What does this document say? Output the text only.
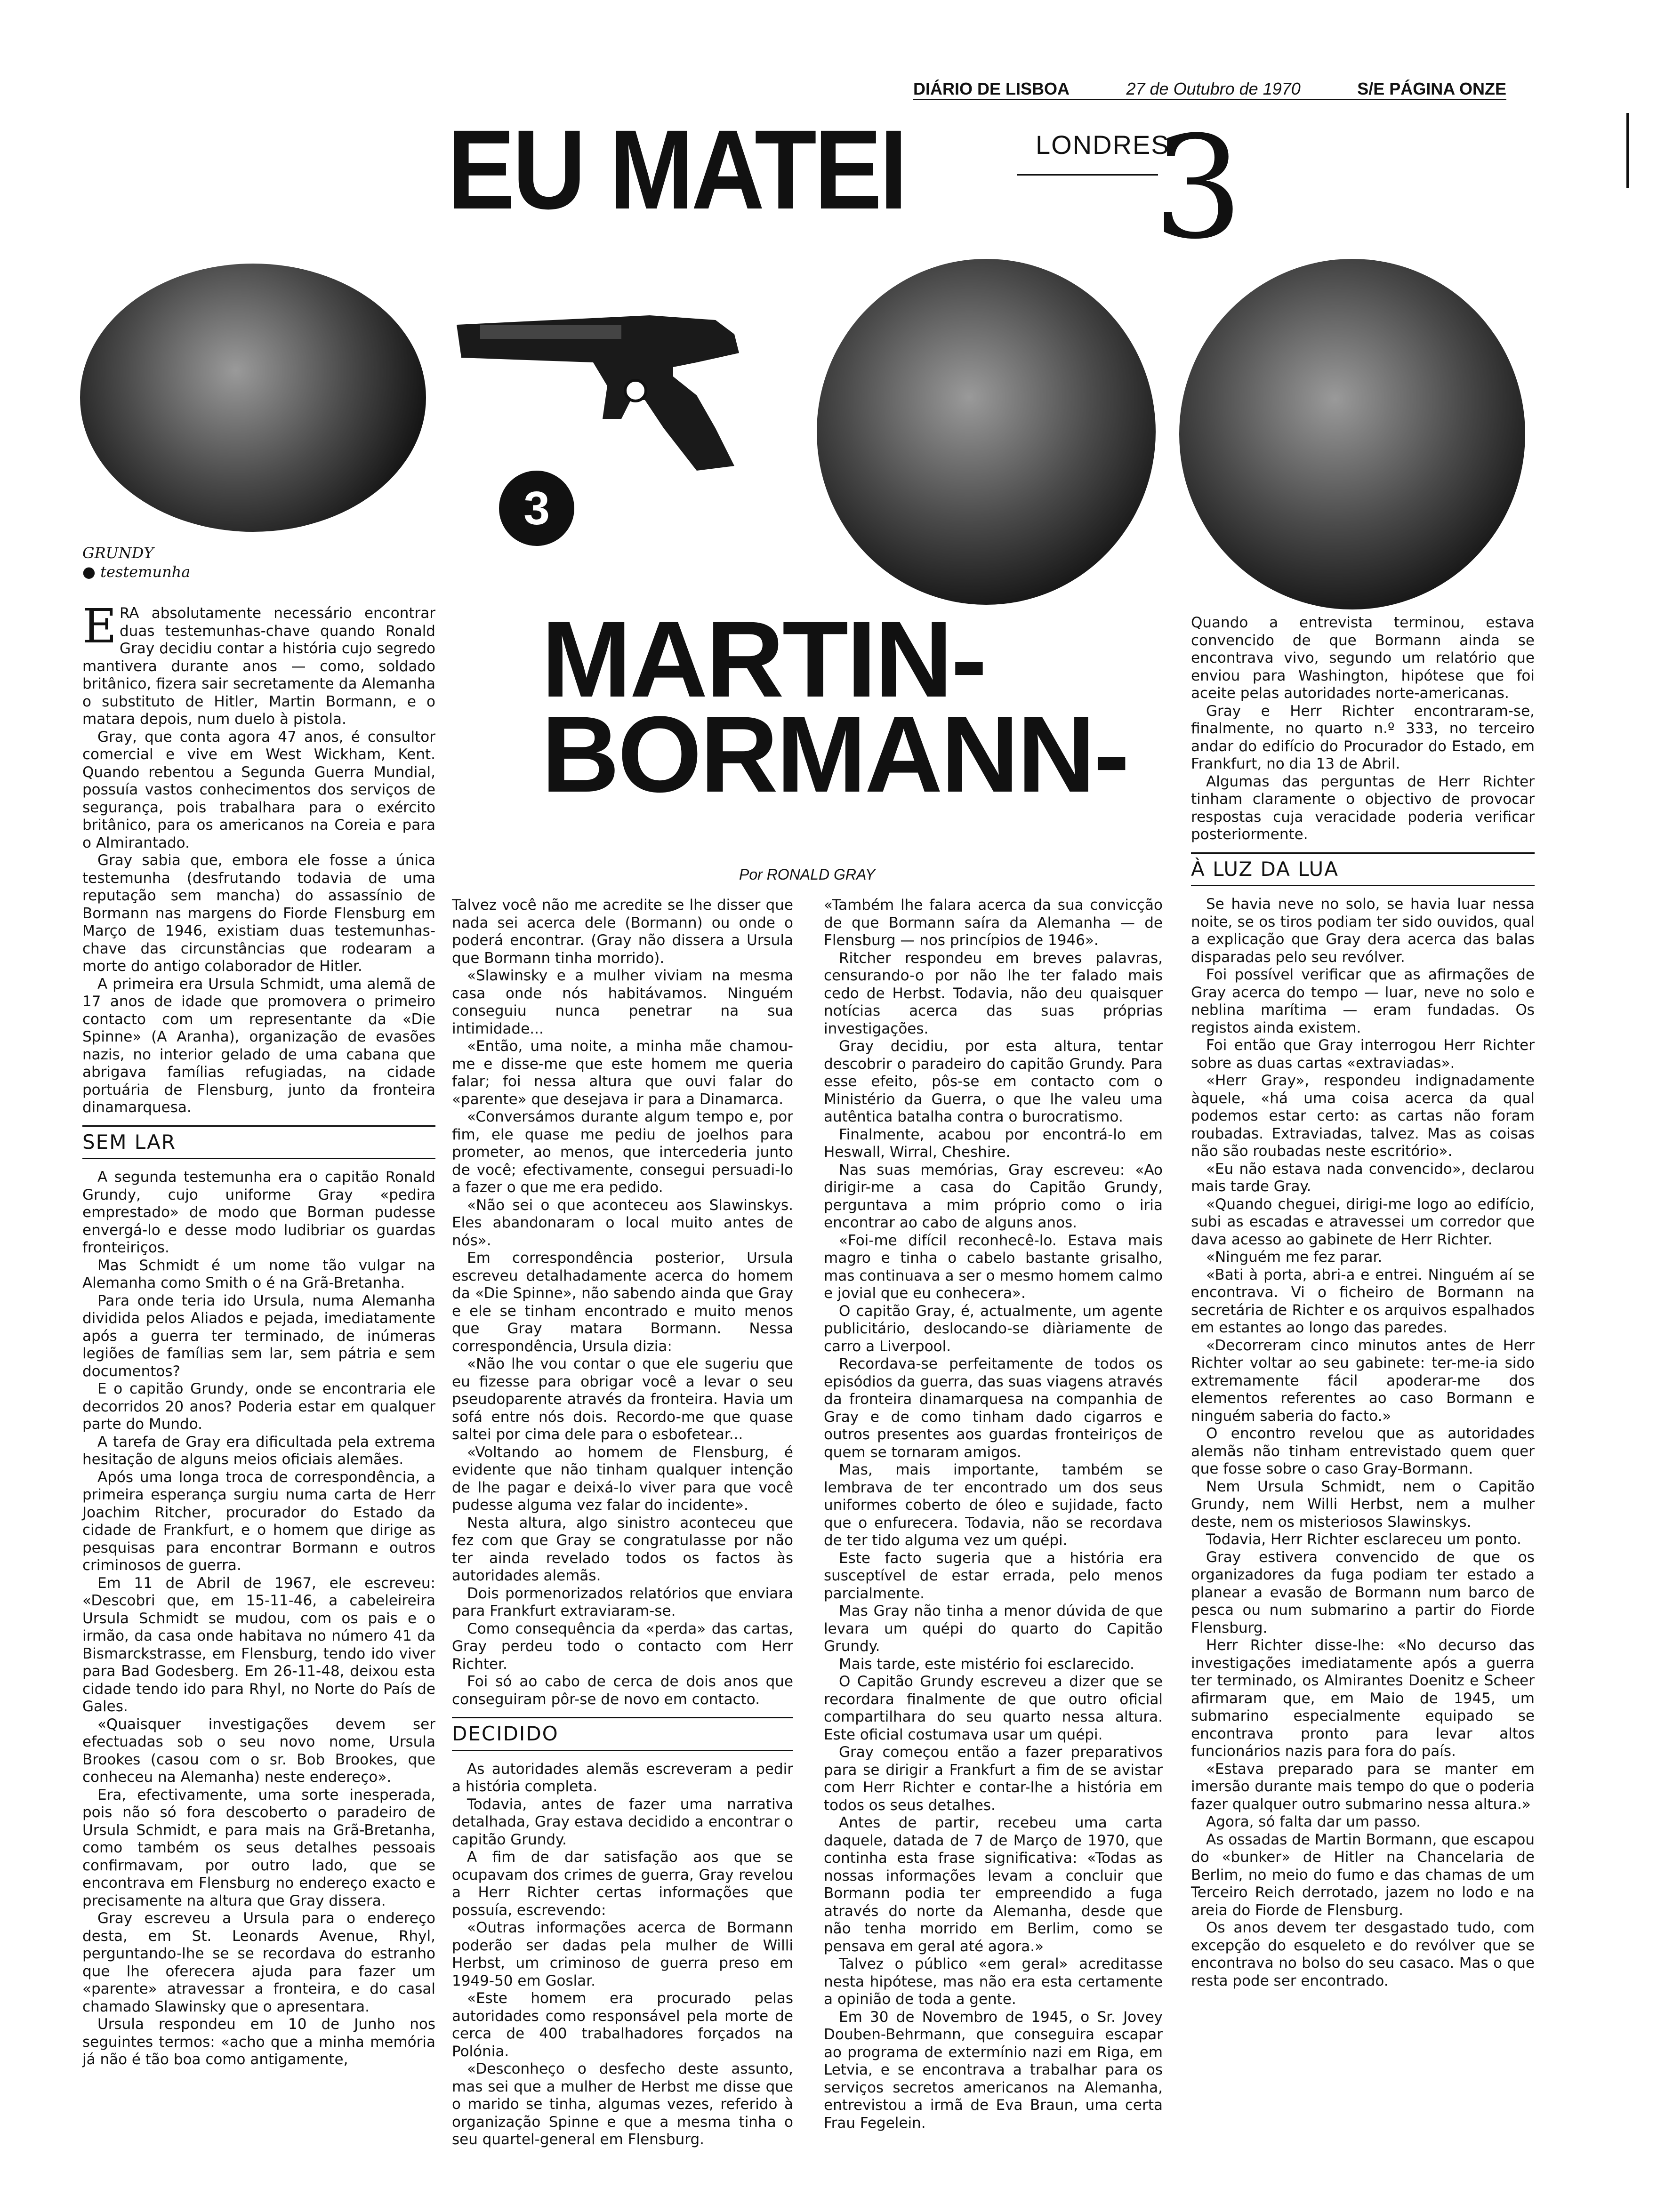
DIÁRIO DE LISBOA	27 de Outubro de 1970	S/E PÁGINA ONZE
EU MATEI	LONDRES
3
3
GRUNDY
● testemunha
MARTIN-
BORMANN-
Por RONALD GRAY

ERA absolutamente necessário encontrar duas testemunhas-chave quando Ronald Gray decidiu contar a história cujo segredo mantivera durante anos — como, soldado britânico, fizera sair secretamente da Alemanha o substituto de Hitler, Martin Bormann, e o matara depois, num duelo à pistola.

Gray, que conta agora 47 anos, é consultor comercial e vive em West Wickham, Kent. Quando rebentou a Segunda Guerra Mundial, possuía vastos conhecimentos dos serviços de segurança, pois trabalhara para o exército britânico, para os americanos na Coreia e para o Almirantado.

Gray sabia que, embora ele fosse a única testemunha (desfrutando todavia de uma reputação sem mancha) do assassínio de Bormann nas margens do Fiorde Flensburg em Março de 1946, existiam duas testemunhas-chave das circunstâncias que rodearam a morte do antigo colaborador de Hitler.

A primeira era Ursula Schmidt, uma alemã de 17 anos de idade que promovera o primeiro contacto com um representante da «Die Spinne» (A Aranha), organização de evasões nazis, no interior gelado de uma cabana que abrigava famílias refugiadas, na cidade portuária de Flensburg, junto da fronteira dinamarquesa.

SEM LAR

A segunda testemunha era o capitão Ronald Grundy, cujo uniforme Gray «pedira emprestado» de modo que Borman pudesse envergá-lo e desse modo ludibriar os guardas fronteiriços.

Mas Schmidt é um nome tão vulgar na Alemanha como Smith o é na Grã-Bretanha.

Para onde teria ido Ursula, numa Alemanha dividida pelos Aliados e pejada, imediatamente após a guerra ter terminado, de inúmeras legiões de famílias sem lar, sem pátria e sem documentos?

E o capitão Grundy, onde se encontraria ele decorridos 20 anos? Poderia estar em qualquer parte do Mundo.

A tarefa de Gray era dificultada pela extrema hesitação de alguns meios oficiais alemães.

Após uma longa troca de correspondência, a primeira esperança surgiu numa carta de Herr Joachim Ritcher, procurador do Estado da cidade de Frankfurt, e o homem que dirige as pesquisas para encontrar Bormann e outros criminosos de guerra.

Em 11 de Abril de 1967, ele escreveu: «Descobri que, em 15-11-46, a cabeleireira Ursula Schmidt se mudou, com os pais e o irmão, da casa onde habitava no número 41 da Bismarckstrasse, em Flensburg, tendo ido viver para Bad Godesberg. Em 26-11-48, deixou esta cidade tendo ido para Rhyl, no Norte do País de Gales.

«Quaisquer investigações devem ser efectuadas sob o seu novo nome, Ursula Brookes (casou com o sr. Bob Brookes, que conheceu na Alemanha) neste endereço».

Era, efectivamente, uma sorte inesperada, pois não só fora descoberto o paradeiro de Ursula Schmidt, e para mais na Grã-Bretanha, como também os seus detalhes pessoais confirmavam, por outro lado, que se encontrava em Flensburg no endereço exacto e precisamente na altura que Gray dissera.

Gray escreveu a Ursula para o endereço desta, em St. Leonards Avenue, Rhyl, perguntando-lhe se se recordava do estranho que lhe oferecera ajuda para fazer um «parente» atravessar a fronteira, e do casal chamado Slawinsky que o apresentara.

Ursula respondeu em 10 de Junho nos seguintes termos: «acho que a minha memória já não é tão boa como antigamente,

Talvez você não me acredite se lhe disser que nada sei acerca dele (Bormann) ou onde o poderá encontrar. (Gray não dissera a Ursula que Bormann tinha morrido).

«Slawinsky e a mulher viviam na mesma casa onde nós habitávamos. Ninguém conseguiu nunca penetrar na sua intimidade...

«Então, uma noite, a minha mãe chamou-me e disse-me que este homem me queria falar; foi nessa altura que ouvi falar do «parente» que desejava ir para a Dinamarca.

«Conversámos durante algum tempo e, por fim, ele quase me pediu de joelhos para prometer, ao menos, que intercederia junto de você; efectivamente, consegui persuadi-lo a fazer o que me era pedido.

«Não sei o que aconteceu aos Slawinskys. Eles abandonaram o local muito antes de nós».

Em correspondência posterior, Ursula escreveu detalhadamente acerca do homem da «Die Spinne», não sabendo ainda que Gray e ele se tinham encontrado e muito menos que Gray matara Bormann. Nessa correspondência, Ursula dizia:

«Não lhe vou contar o que ele sugeriu que eu fizesse para obrigar você a levar o seu pseudoparente através da fronteira. Havia um sofá entre nós dois. Recordo-me que quase saltei por cima dele para o esbofetear...

«Voltando ao homem de Flensburg, é evidente que não tinham qualquer intenção de lhe pagar e deixá-lo viver para que você pudesse alguma vez falar do incidente».

Nesta altura, algo sinistro aconteceu que fez com que Gray se congratulasse por não ter ainda revelado todos os factos às autoridades alemãs.

Dois pormenorizados relatórios que enviara para Frankfurt extraviaram-se.

Como consequência da «perda» das cartas, Gray perdeu todo o contacto com Herr Richter.

Foi só ao cabo de cerca de dois anos que conseguiram pôr-se de novo em contacto.

DECIDIDO

As autoridades alemãs escreveram a pedir a história completa.

Todavia, antes de fazer uma narrativa detalhada, Gray estava decidido a encontrar o capitão Grundy.

A fim de dar satisfação aos que se ocupavam dos crimes de guerra, Gray revelou a Herr Richter certas informações que possuía, escrevendo:

«Outras informações acerca de Bormann poderão ser dadas pela mulher de Willi Herbst, um criminoso de guerra preso em 1949-50 em Goslar.

«Este homem era procurado pelas autoridades como responsável pela morte de cerca de 400 trabalhadores forçados na Polónia.

«Desconheço o desfecho deste assunto, mas sei que a mulher de Herbst me disse que o marido se tinha, algumas vezes, referido à organização Spinne e que a mesma tinha o seu quartel-general em Flensburg.

«Também lhe falara acerca da sua convicção de que Bormann saíra da Alemanha — de Flensburg — nos princípios de 1946».

Ritcher respondeu em breves palavras, censurando-o por não lhe ter falado mais cedo de Herbst. Todavia, não deu quaisquer notícias acerca das suas próprias investigações.

Gray decidiu, por esta altura, tentar descobrir o paradeiro do capitão Grundy. Para esse efeito, pôs-se em contacto com o Ministério da Guerra, o que lhe valeu uma autêntica batalha contra o burocratismo.

Finalmente, acabou por encontrá-lo em Heswall, Wirral, Cheshire.

Nas suas memórias, Gray escreveu: «Ao dirigir-me a casa do Capitão Grundy, perguntava a mim próprio como o iria encontrar ao cabo de alguns anos.

«Foi-me difícil reconhecê-lo. Estava mais magro e tinha o cabelo bastante grisalho, mas continuava a ser o mesmo homem calmo e jovial que eu conhecera».

O capitão Gray, é, actualmente, um agente publicitário, deslocando-se diàriamente de carro a Liverpool.

Recordava-se perfeitamente de todos os episódios da guerra, das suas viagens através da fronteira dinamarquesa na companhia de Gray e de como tinham dado cigarros e outros presentes aos guardas fronteiriços de quem se tornaram amigos.

Mas, mais importante, também se lembrava de ter encontrado um dos seus uniformes coberto de óleo e sujidade, facto que o enfurecera. Todavia, não se recordava de ter tido alguma vez um quépi.

Este facto sugeria que a história era susceptível de estar errada, pelo menos parcialmente.

Mas Gray não tinha a menor dúvida de que levara um quépi do quarto do Capitão Grundy.

Mais tarde, este mistério foi esclarecido.

O Capitão Grundy escreveu a dizer que se recordara finalmente de que outro oficial compartilhara do seu quarto nessa altura. Este oficial costumava usar um quépi.

Gray começou então a fazer preparativos para se dirigir a Frankfurt a fim de se avistar com Herr Richter e contar-lhe a história em todos os seus detalhes.

Antes de partir, recebeu uma carta daquele, datada de 7 de Março de 1970, que continha esta frase significativa: «Todas as nossas informações levam a concluir que Bormann podia ter empreendido a fuga através do norte da Alemanha, desde que não tenha morrido em Berlim, como se pensava em geral até agora.»

Talvez o público «em geral» acreditasse nesta hipótese, mas não era esta certamente a opinião de toda a gente.

Em 30 de Novembro de 1945, o Sr. Jovey Douben-Behrmann, que conseguira escapar ao programa de extermínio nazi em Riga, em Letvia, e se encontrava a trabalhar para os serviços secretos americanos na Alemanha, entrevistou a irmã de Eva Braun, uma certa Frau Fegelein.

Quando a entrevista terminou, estava convencido de que Bormann ainda se encontrava vivo, segundo um relatório que enviou para Washington, hipótese que foi aceite pelas autoridades norte-americanas.

Gray e Herr Richter encontraram-se, finalmente, no quarto n.º 333, no terceiro andar do edifício do Procurador do Estado, em Frankfurt, no dia 13 de Abril.

Algumas das perguntas de Herr Richter tinham claramente o objectivo de provocar respostas cuja veracidade poderia verificar posteriormente.

À LUZ DA LUA

Se havia neve no solo, se havia luar nessa noite, se os tiros podiam ter sido ouvidos, qual a explicação que Gray dera acerca das balas disparadas pelo seu revólver.

Foi possível verificar que as afirmações de Gray acerca do tempo — luar, neve no solo e neblina marítima — eram fundadas. Os registos ainda existem.

Foi então que Gray interrogou Herr Richter sobre as duas cartas «extraviadas».

«Herr Gray», respondeu indignadamente àquele, «há uma coisa acerca da qual podemos estar certo: as cartas não foram roubadas. Extraviadas, talvez. Mas as coisas não são roubadas neste escritório».

«Eu não estava nada convencido», declarou mais tarde Gray.

«Quando cheguei, dirigi-me logo ao edifício, subi as escadas e atravessei um corredor que dava acesso ao gabinete de Herr Richter.

«Ninguém me fez parar.

«Bati à porta, abri-a e entrei. Ninguém aí se encontrava. Vi o ficheiro de Bormann na secretária de Richter e os arquivos espalhados em estantes ao longo das paredes.

«Decorreram cinco minutos antes de Herr Richter voltar ao seu gabinete: ter-me-ia sido extremamente fácil apoderar-me dos elementos referentes ao caso Bormann e ninguém saberia do facto.»

O encontro revelou que as autoridades alemãs não tinham entrevistado quem quer que fosse sobre o caso Gray-Bormann.

Nem Ursula Schmidt, nem o Capitão Grundy, nem Willi Herbst, nem a mulher deste, nem os misteriosos Slawinskys.

Todavia, Herr Richter esclareceu um ponto.

Gray estivera convencido de que os organizadores da fuga podiam ter estado a planear a evasão de Bormann num barco de pesca ou num submarino a partir do Fiorde Flensburg.

Herr Richter disse-lhe: «No decurso das investigações imediatamente após a guerra ter terminado, os Almirantes Doenitz e Scheer afirmaram que, em Maio de 1945, um submarino especialmente equipado se encontrava pronto para levar altos funcionários nazis para fora do país.

«Estava preparado para se manter em imersão durante mais tempo do que o poderia fazer qualquer outro submarino nessa altura.»

Agora, só falta dar um passo.

As ossadas de Martin Bormann, que escapou do «bunker» de Hitler na Chancelaria de Berlim, no meio do fumo e das chamas de um Terceiro Reich derrotado, jazem no lodo e na areia do Fiorde de Flensburg.

Os anos devem ter desgastado tudo, com excepção do esqueleto e do revólver que se encontrava no bolso do seu casaco. Mas o que resta pode ser encontrado.
